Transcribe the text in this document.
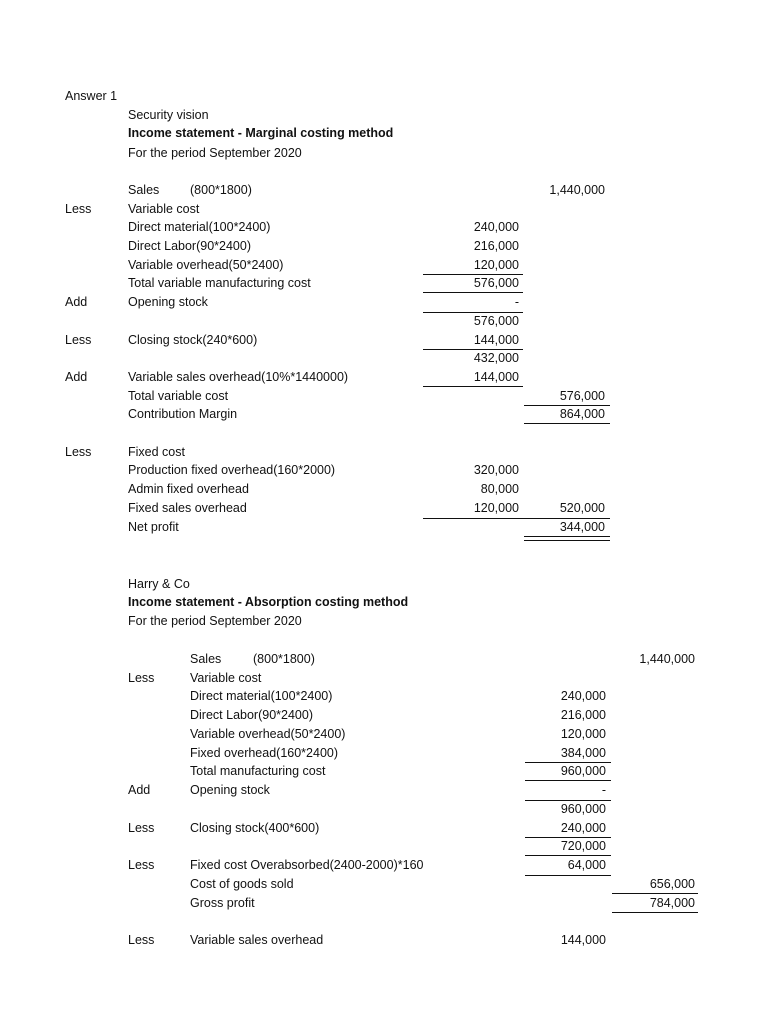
Answer 1
Security vision
Income statement - Marginal costing method
For the period September 2020
Sales (800*1800)	1,440,000
Less	Variable cost
Direct material(100*2400)	240,000
Direct Labor(90*2400)	216,000
Variable overhead(50*2400)	120,000
Total variable manufacturing cost	576,000
Add	Opening stock	-
576,000
Less	Closing stock(240*600)	144,000
432,000
Add	Variable sales overhead(10%*1440000)	144,000
Total variable cost	576,000
Contribution Margin	864,000
Less	Fixed cost
Production fixed overhead(160*2000)	320,000
Admin fixed overhead	80,000
Fixed sales overhead	120,000	520,000
Net profit	344,000
Harry & Co
Income statement - Absorption costing method
For the period September 2020
Sales	(800*1800)	1,440,000
Less	Variable cost
Direct material(100*2400)	240,000
Direct Labor(90*2400)	216,000
Variable overhead(50*2400)	120,000
Fixed overhead(160*2400)	384,000
Total manufacturing cost	960,000
Add	Opening stock	-
960,000
Less	Closing stock(400*600)	240,000
720,000
Less	Fixed cost Overabsorbed(2400-2000)*160	64,000
Cost of goods sold	656,000
Gross profit	784,000
Less	Variable sales overhead	144,000
